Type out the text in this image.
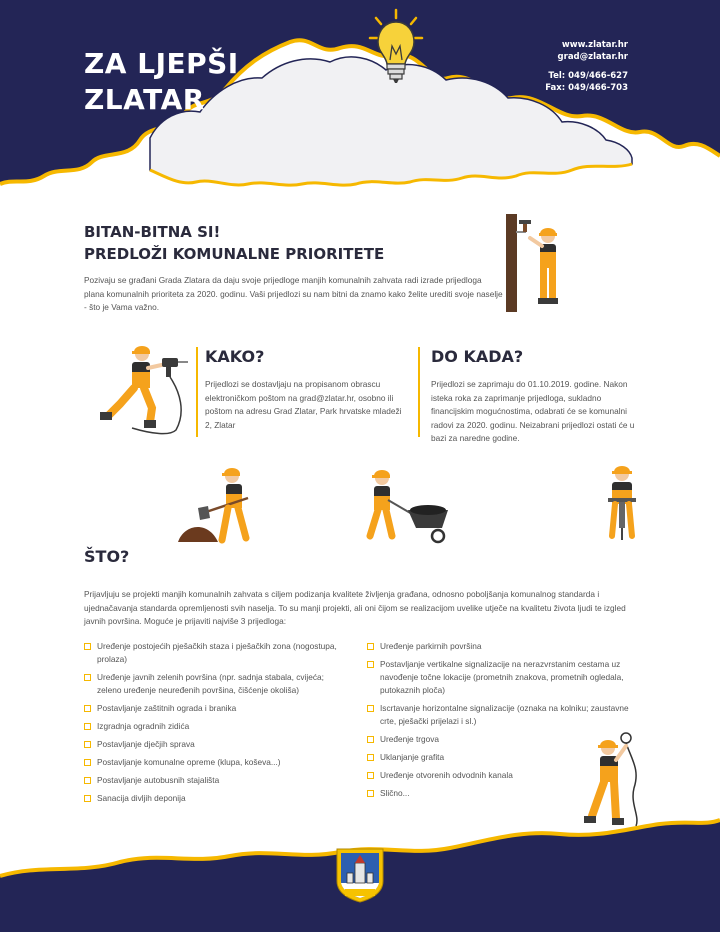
ZA LJEPŠI
ZLATAR
www.zlatar.hr
grad@zlatar.hr
Tel: 049/466-627
Fax: 049/466-703
BITAN-BITNA SI!
PREDLOŽI KOMUNALNE PRIORITETE

Pozivaju se građani Grada Zlatara da daju svoje prijedloge manjih komunalnih zahvata radi izrade prijedloga plana komunalnih prioriteta za 2020. godinu. Vaši prijedlozi su nam bitni da znamo kako želite urediti svoje naselje - što je Vama važno.

KAKO?

Prijedlozi se dostavljaju na propisanom obrascu elektroničkom poštom na grad@zlatar.hr, osobno ili poštom na adresu Grad Zlatar, Park hrvatske mladeži 2, Zlatar

DO KADA?

Prijedlozi se zaprimaju do 01.10.2019. godine. Nakon isteka roka za zaprimanje prijedloga, sukladno financijskim mogućnostima, odabrati će se komunalni radovi za 2020. godinu. Neizabrani prijedlozi ostati će u bazi za naredne godine.

ŠTO?

Prijavljuju se projekti manjih komunalnih zahvata s ciljem podizanja kvalitete življenja građana, odnosno poboljšanja komunalnog standarda i ujednačavanja standarda opremljenosti svih naselja. To su manji projekti, ali oni čijom se realizacijom uvelike utječe na kvalitetu života ljudi te izgled javnih površina. Moguće je prijaviti najviše 3 prijedloga:

Uređenje postojećih pješačkih staza i pješačkih zona (nogostupa, prolaza)
Uređenje javnih zelenih površina (npr. sadnja stabala, cvijeća; zeleno uređenje neuređenih površina, čišćenje okoliša)
Postavljanje zaštitnih ograda i branika
Izgradnja ogradnih zidića
Postavljanje dječjih sprava
Postavljanje komunalne opreme (klupa, koševa...)
Postavljanje autobusnih stajališta
Sanacija divljih deponija
Uređenje parkirnih površina
Postavljanje vertikalne signalizacije na nerazvrstanim cestama uz navođenje točne lokacije (prometnih znakova, prometnih ogledala, putokaznih ploča)
Iscrtavanje horizontalne signalizacije (oznaka na kolniku; zaustavne crte, pješački prijelazi i sl.)
Uređenje trgova
Uklanjanje grafita
Uređenje otvorenih odvodnih kanala
Slično...
